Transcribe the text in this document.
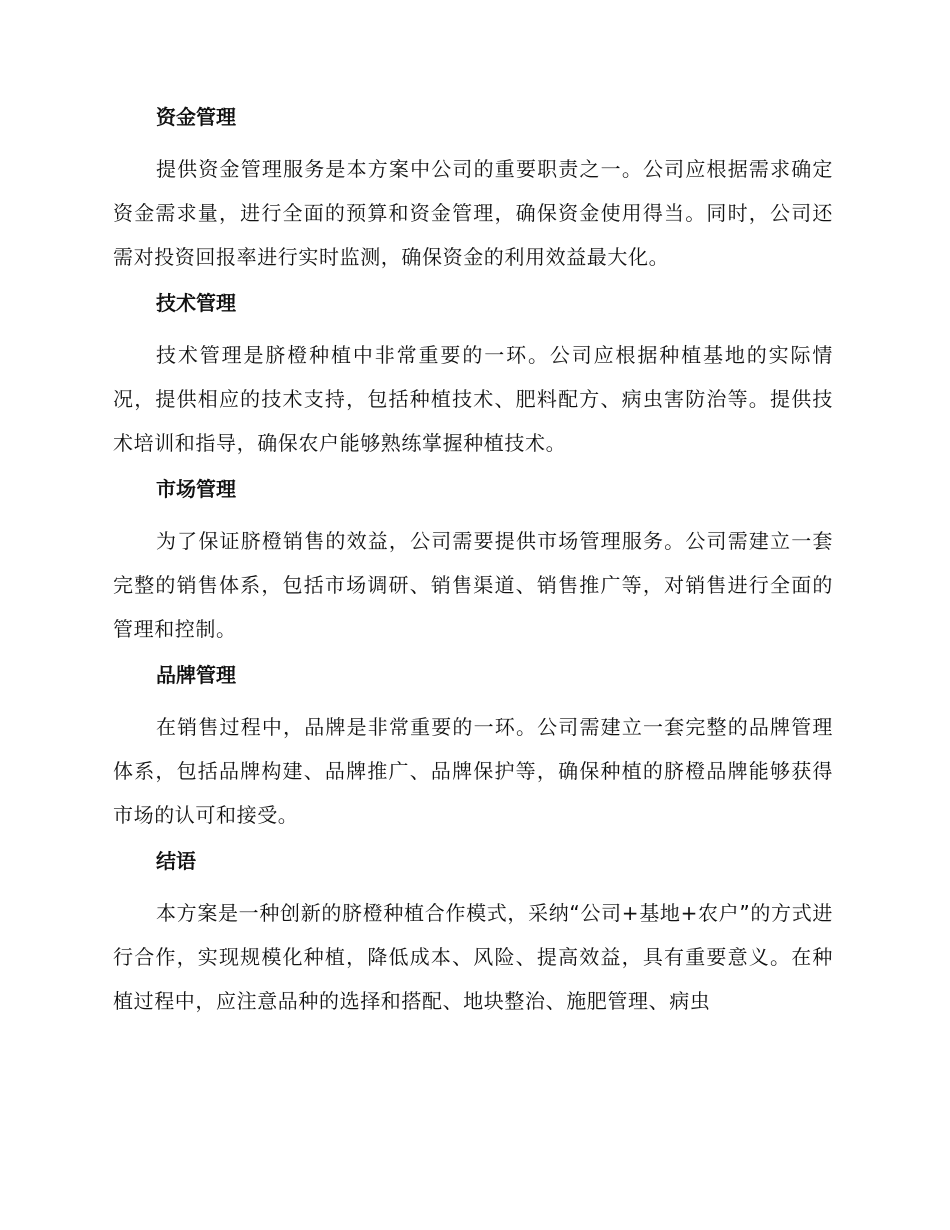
资金管理

提供资金管理服务是本方案中公司的重要职责之一。公司应根据需求确定资金需求量，进行全面的预算和资金管理，确保资金使用得当。同时，公司还需对投资回报率进行实时监测，确保资金的利用效益最大化。

技术管理

技术管理是脐橙种植中非常重要的一环。公司应根据种植基地的实际情况，提供相应的技术支持，包括种植技术、肥料配方、病虫害防治等。提供技术培训和指导，确保农户能够熟练掌握种植技术。

市场管理

为了保证脐橙销售的效益，公司需要提供市场管理服务。公司需建立一套完整的销售体系，包括市场调研、销售渠道、销售推广等，对销售进行全面的管理和控制。

品牌管理

在销售过程中，品牌是非常重要的一环。公司需建立一套完整的品牌管理体系，包括品牌构建、品牌推广、品牌保护等，确保种植的脐橙品牌能够获得市场的认可和接受。

结语

本方案是一种创新的脐橙种植合作模式，采纳“公司+基地+农户”的方式进行合作，实现规模化种植，降低成本、风险、提高效益，具有重要意义。在种植过程中，应注意品种的选择和搭配、地块整治、施肥管理、病虫
